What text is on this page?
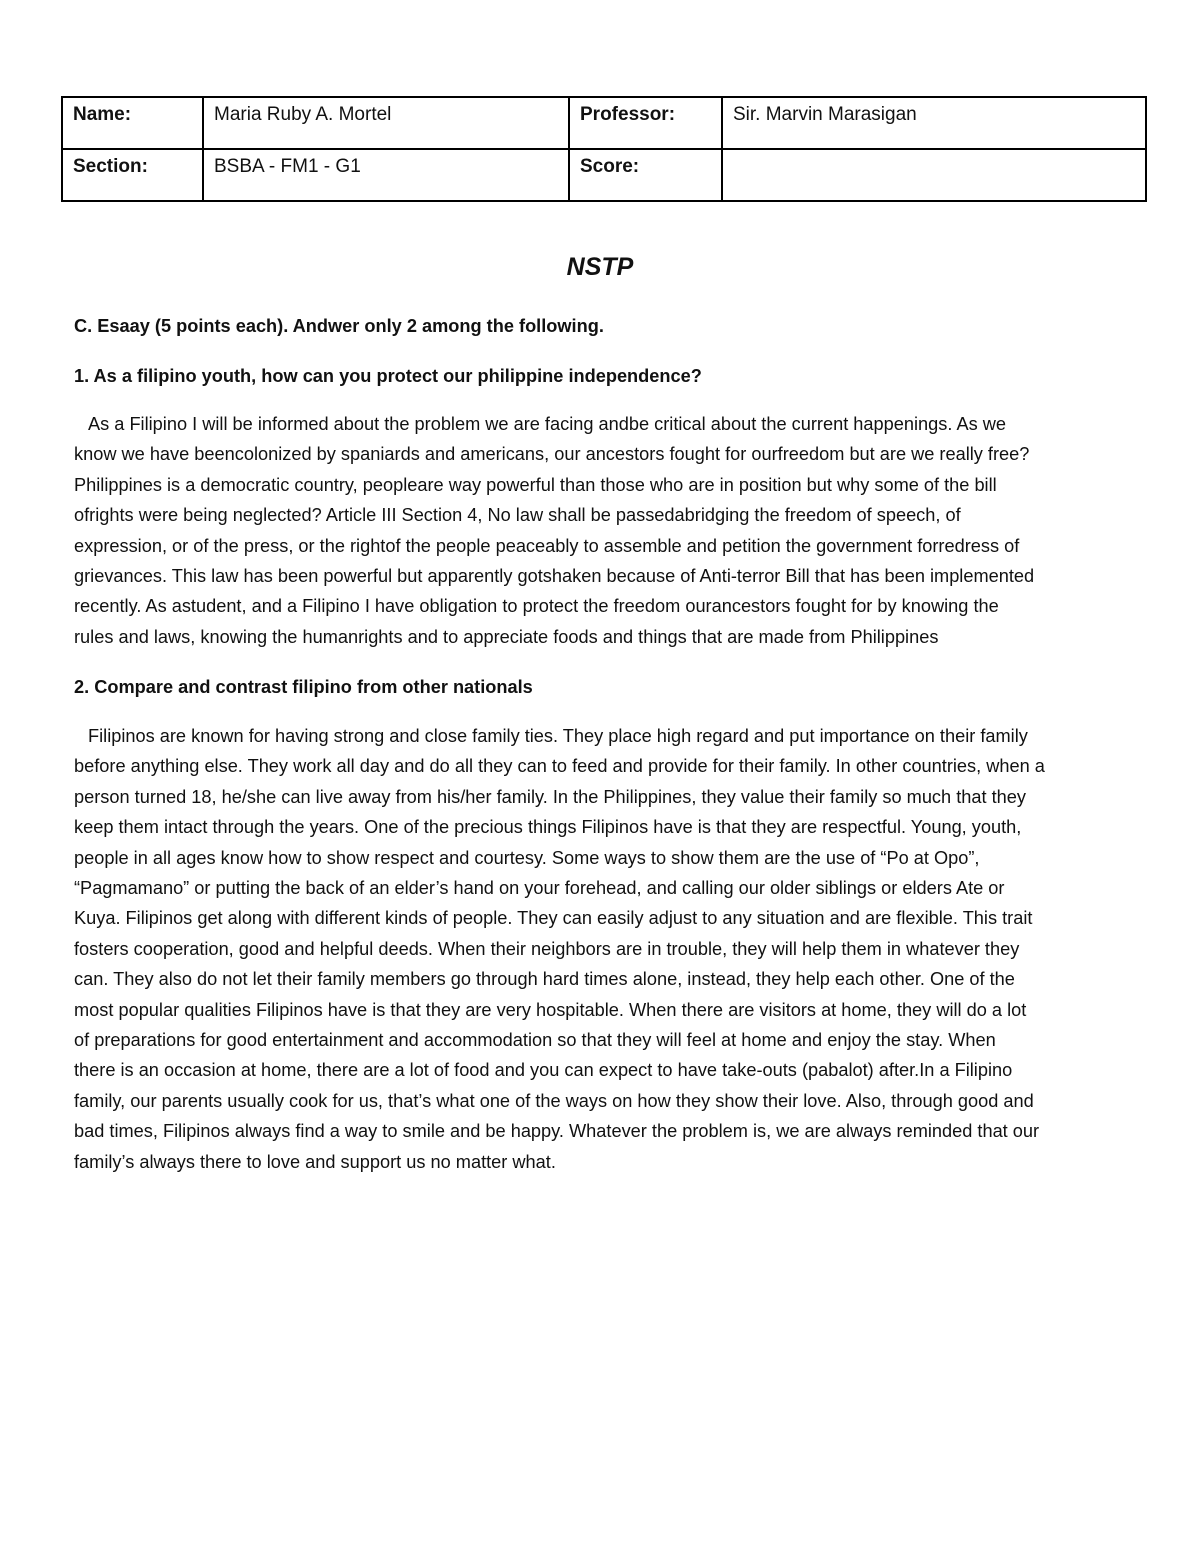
Name:	Maria Ruby A. Mortel	Professor:	Sir. Marvin Marasigan
Section:	BSBA - FM1 - G1	Score:	
NSTP
C. Esaay (5 points each). Andwer only 2 among the following.
1. As a filipino youth, how can you protect our philippine independence?
As a Filipino I will be informed about the problem we are facing andbe critical about the current happenings. As we
know we have beencolonized by spaniards and americans, our ancestors fought for ourfreedom but are we really free?
Philippines is a democratic country, peopleare way powerful than those who are in position but why some of the bill
ofrights were being neglected? Article III Section 4, No law shall be passedabridging the freedom of speech, of
expression, or of the press, or the rightof the people peaceably to assemble and petition the government forredress of
grievances. This law has been powerful but apparently gotshaken because of Anti-terror Bill that has been implemented
recently. As astudent, and a Filipino I have obligation to protect the freedom ourancestors fought for by knowing the
rules and laws, knowing the humanrights and to appreciate foods and things that are made from Philippines
2. Compare and contrast filipino from other nationals
Filipinos are known for having strong and close family ties. They place high regard and put importance on their family
before anything else. They work all day and do all they can to feed and provide for their family. In other countries, when a
person turned 18, he/she can live away from his/her family. In the Philippines, they value their family so much that they
keep them intact through the years. One of the precious things Filipinos have is that they are respectful. Young, youth,
people in all ages know how to show respect and courtesy. Some ways to show them are the use of “Po at Opo”,
“Pagmamano” or putting the back of an elder’s hand on your forehead, and calling our older siblings or elders Ate or
Kuya. Filipinos get along with different kinds of people. They can easily adjust to any situation and are flexible. This trait
fosters cooperation, good and helpful deeds. When their neighbors are in trouble, they will help them in whatever they
can. They also do not let their family members go through hard times alone, instead, they help each other. One of the
most popular qualities Filipinos have is that they are very hospitable. When there are visitors at home, they will do a lot
of preparations for good entertainment and accommodation so that they will feel at home and enjoy the stay. When
there is an occasion at home, there are a lot of food and you can expect to have take-outs (pabalot) after.In a Filipino
family, our parents usually cook for us, that’s what one of the ways on how they show their love. Also, through good and
bad times, Filipinos always find a way to smile and be happy. Whatever the problem is, we are always reminded that our
family’s always there to love and support us no matter what.
